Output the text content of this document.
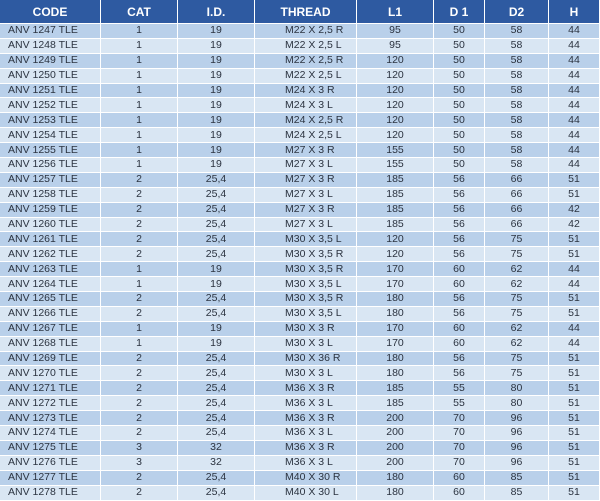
CODE	CAT	I.D.	THREAD	L1	D 1	D2	H
ANV 1247 TLE	1	19	M22 X 2,5 R	95	50	58	44
ANV 1248 TLE	1	19	M22 X 2,5 L	95	50	58	44
ANV 1249 TLE	1	19	M22 X 2,5 R	120	50	58	44
ANV 1250 TLE	1	19	M22 X 2,5 L	120	50	58	44
ANV 1251 TLE	1	19	M24 X 3 R	120	50	58	44
ANV 1252 TLE	1	19	M24 X 3 L	120	50	58	44
ANV 1253 TLE	1	19	M24 X 2,5 R	120	50	58	44
ANV 1254 TLE	1	19	M24 X 2,5 L	120	50	58	44
ANV 1255 TLE	1	19	M27 X 3 R	155	50	58	44
ANV 1256 TLE	1	19	M27 X 3 L	155	50	58	44
ANV 1257 TLE	2	25,4	M27 X 3 R	185	56	66	51
ANV 1258 TLE	2	25,4	M27 X 3 L	185	56	66	51
ANV 1259 TLE	2	25,4	M27 X 3 R	185	56	66	42
ANV 1260 TLE	2	25,4	M27 X 3 L	185	56	66	42
ANV 1261 TLE	2	25,4	M30 X 3,5 L	120	56	75	51
ANV 1262 TLE	2	25,4	M30 X 3,5 R	120	56	75	51
ANV 1263 TLE	1	19	M30 X 3,5 R	170	60	62	44
ANV 1264 TLE	1	19	M30 X 3,5 L	170	60	62	44
ANV 1265 TLE	2	25,4	M30 X 3,5 R	180	56	75	51
ANV 1266 TLE	2	25,4	M30 X 3,5 L	180	56	75	51
ANV 1267 TLE	1	19	M30 X 3 R	170	60	62	44
ANV 1268 TLE	1	19	M30 X 3 L	170	60	62	44
ANV 1269 TLE	2	25,4	M30 X 36 R	180	56	75	51
ANV 1270 TLE	2	25,4	M30 X 3 L	180	56	75	51
ANV 1271 TLE	2	25,4	M36 X 3 R	185	55	80	51
ANV 1272 TLE	2	25,4	M36 X 3 L	185	55	80	51
ANV 1273 TLE	2	25,4	M36 X 3 R	200	70	96	51
ANV 1274 TLE	2	25,4	M36 X 3 L	200	70	96	51
ANV 1275 TLE	3	32	M36 X 3 R	200	70	96	51
ANV 1276 TLE	3	32	M36 X 3 L	200	70	96	51
ANV 1277 TLE	2	25,4	M40 X 30 R	180	60	85	51
ANV 1278 TLE	2	25,4	M40 X 30 L	180	60	85	51
